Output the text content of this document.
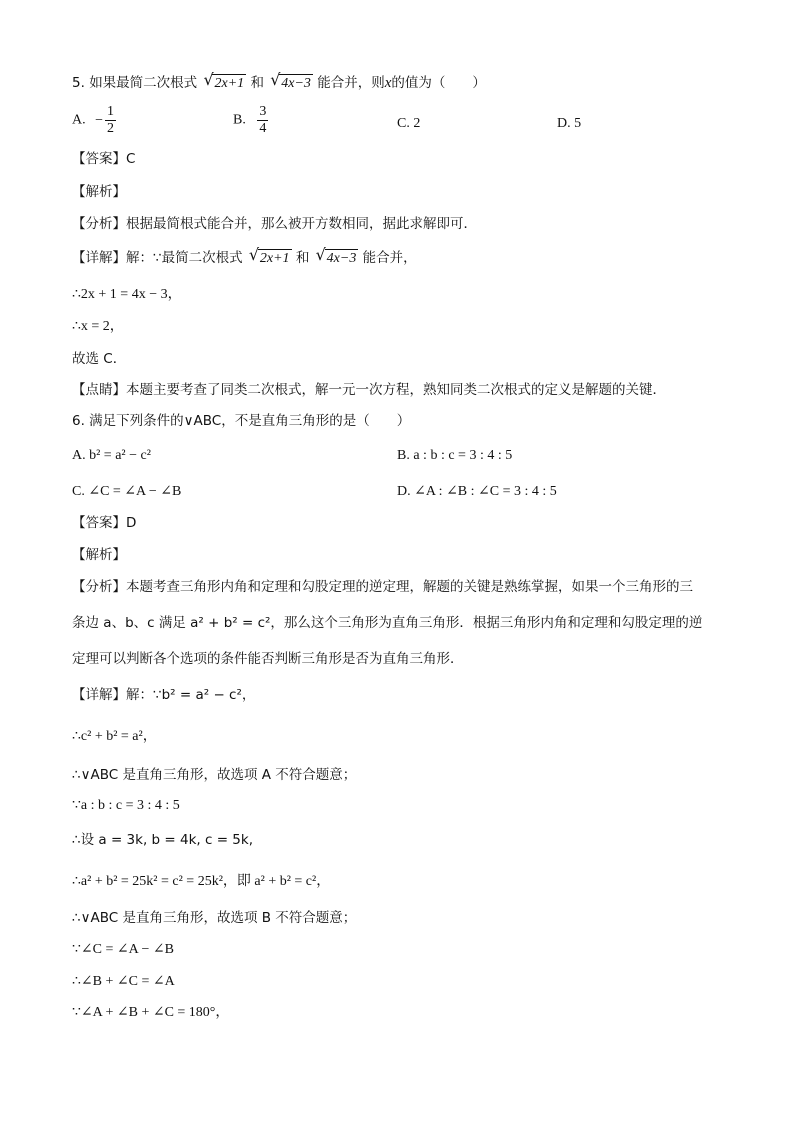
5. 如果最简二次根式 √ 2x+1 和 √ 4x−3 能合并，则x的值为（　　）
A. − $\frac{1}{2}$	B. $\frac{3}{4}$	C. 2	D. 5
【答案】C
【解析】
【分析】根据最简根式能合并，那么被开方数相同，据此求解即可．
【详解】解：∵最简二次根式 √ 2x+1 和 √ 4x−3 能合并，
∴2x + 1 = 4x − 3，
∴x = 2，
故选 C．
【点睛】本题主要考查了同类二次根式，解一元一次方程，熟知同类二次根式的定义是解题的关键．
6. 满足下列条件的∨ABC，不是直角三角形的是（　　）
A. b² = a² − c²	B. a : b : c = 3 : 4 : 5
C. ∠C = ∠A − ∠B	D. ∠A : ∠B : ∠C = 3 : 4 : 5
【答案】D
【解析】
【分析】本题考查三角形内角和定理和勾股定理的逆定理，解题的关键是熟练掌握，如果一个三角形的三
条边 a、b、c 满足 a² + b² = c²，那么这个三角形为直角三角形．根据三角形内角和定理和勾股定理的逆
定理可以判断各个选项的条件能否判断三角形是否为直角三角形．
【详解】解：∵b² = a² − c²，
∴c² + b² = a²，
∴∨ABC 是直角三角形，故选项 A 不符合题意；
∵a : b : c = 3 : 4 : 5
∴设 a = 3k, b = 4k, c = 5k,
∴a² + b² = 25k² = c² = 25k²，即 a² + b² = c²，
∴∨ABC 是直角三角形，故选项 B 不符合题意；
∵∠C = ∠A − ∠B
∴∠B + ∠C = ∠A
∵∠A + ∠B + ∠C = 180°，
